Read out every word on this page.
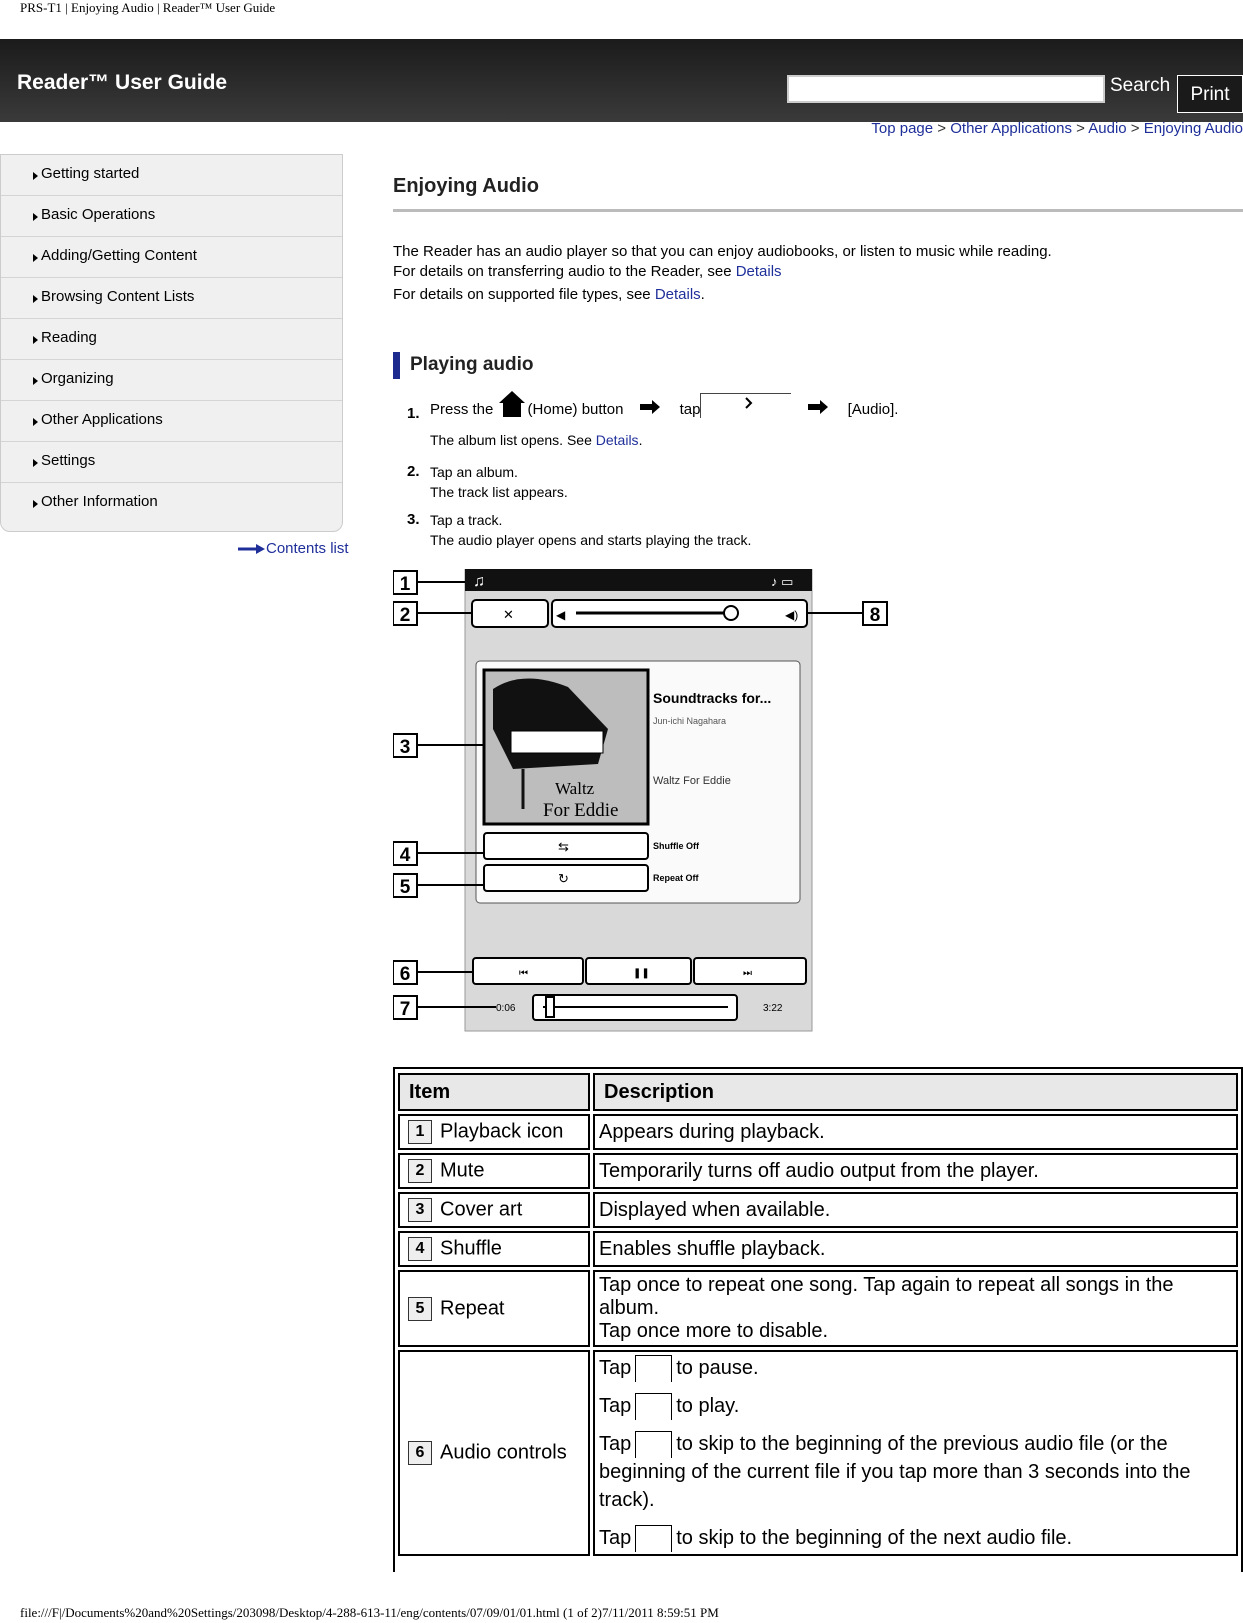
PRS-T1 | Enjoying Audio | Reader™ User Guide
Reader™ User Guide	Search	Print
Top page > Other Applications > Audio > Enjoying Audio
Getting started
Basic Operations
Adding/Getting Content
Browsing Content Lists
Reading
Organizing
Other Applications
Settings
Other Information
Contents list
Enjoying Audio
The Reader has an audio player so that you can enjoy audiobooks, or listen to music while reading.
For details on transferring audio to the Reader, see Details
For details on supported file types, see Details.
Playing audio
1. Press the (Home) button	tap	[Audio].
The album list opens. See Details.
2. Tap an album.
The track list appears.
3. Tap a track.
The audio player opens and starts playing the track.
♫	♪ ▭
✕	◀	◀)
Waltz
For Eddie
Soundtracks for...
Jun-ichi Nagahara
Waltz For Eddie
⇆	Shuffle Off
↻	Repeat Off
⏮	❚❚	⏭
0:06	3:22
1
2
3
4
5
6
7
8
Item	Description
1 Playback icon	Appears during playback.
2 Mute	Temporarily turns off audio output from the player.
3 Cover art	Displayed when available.
4 Shuffle	Enables shuffle playback.
5 Repeat	Tap once to repeat one song. Tap again to repeat all songs in the album.
Tap once more to disable.

6 Audio controls	Tap to pause.
Tap to play.
Tap to skip to the beginning of the previous audio file (or the beginning of the current file if you tap more than 3 seconds into the track).
Tap to skip to the beginning of the next audio file.
file:///F|/Documents%20and%20Settings/203098/Desktop/4-288-613-11/eng/contents/07/09/01/01.html (1 of 2)7/11/2011 8:59:51 PM
